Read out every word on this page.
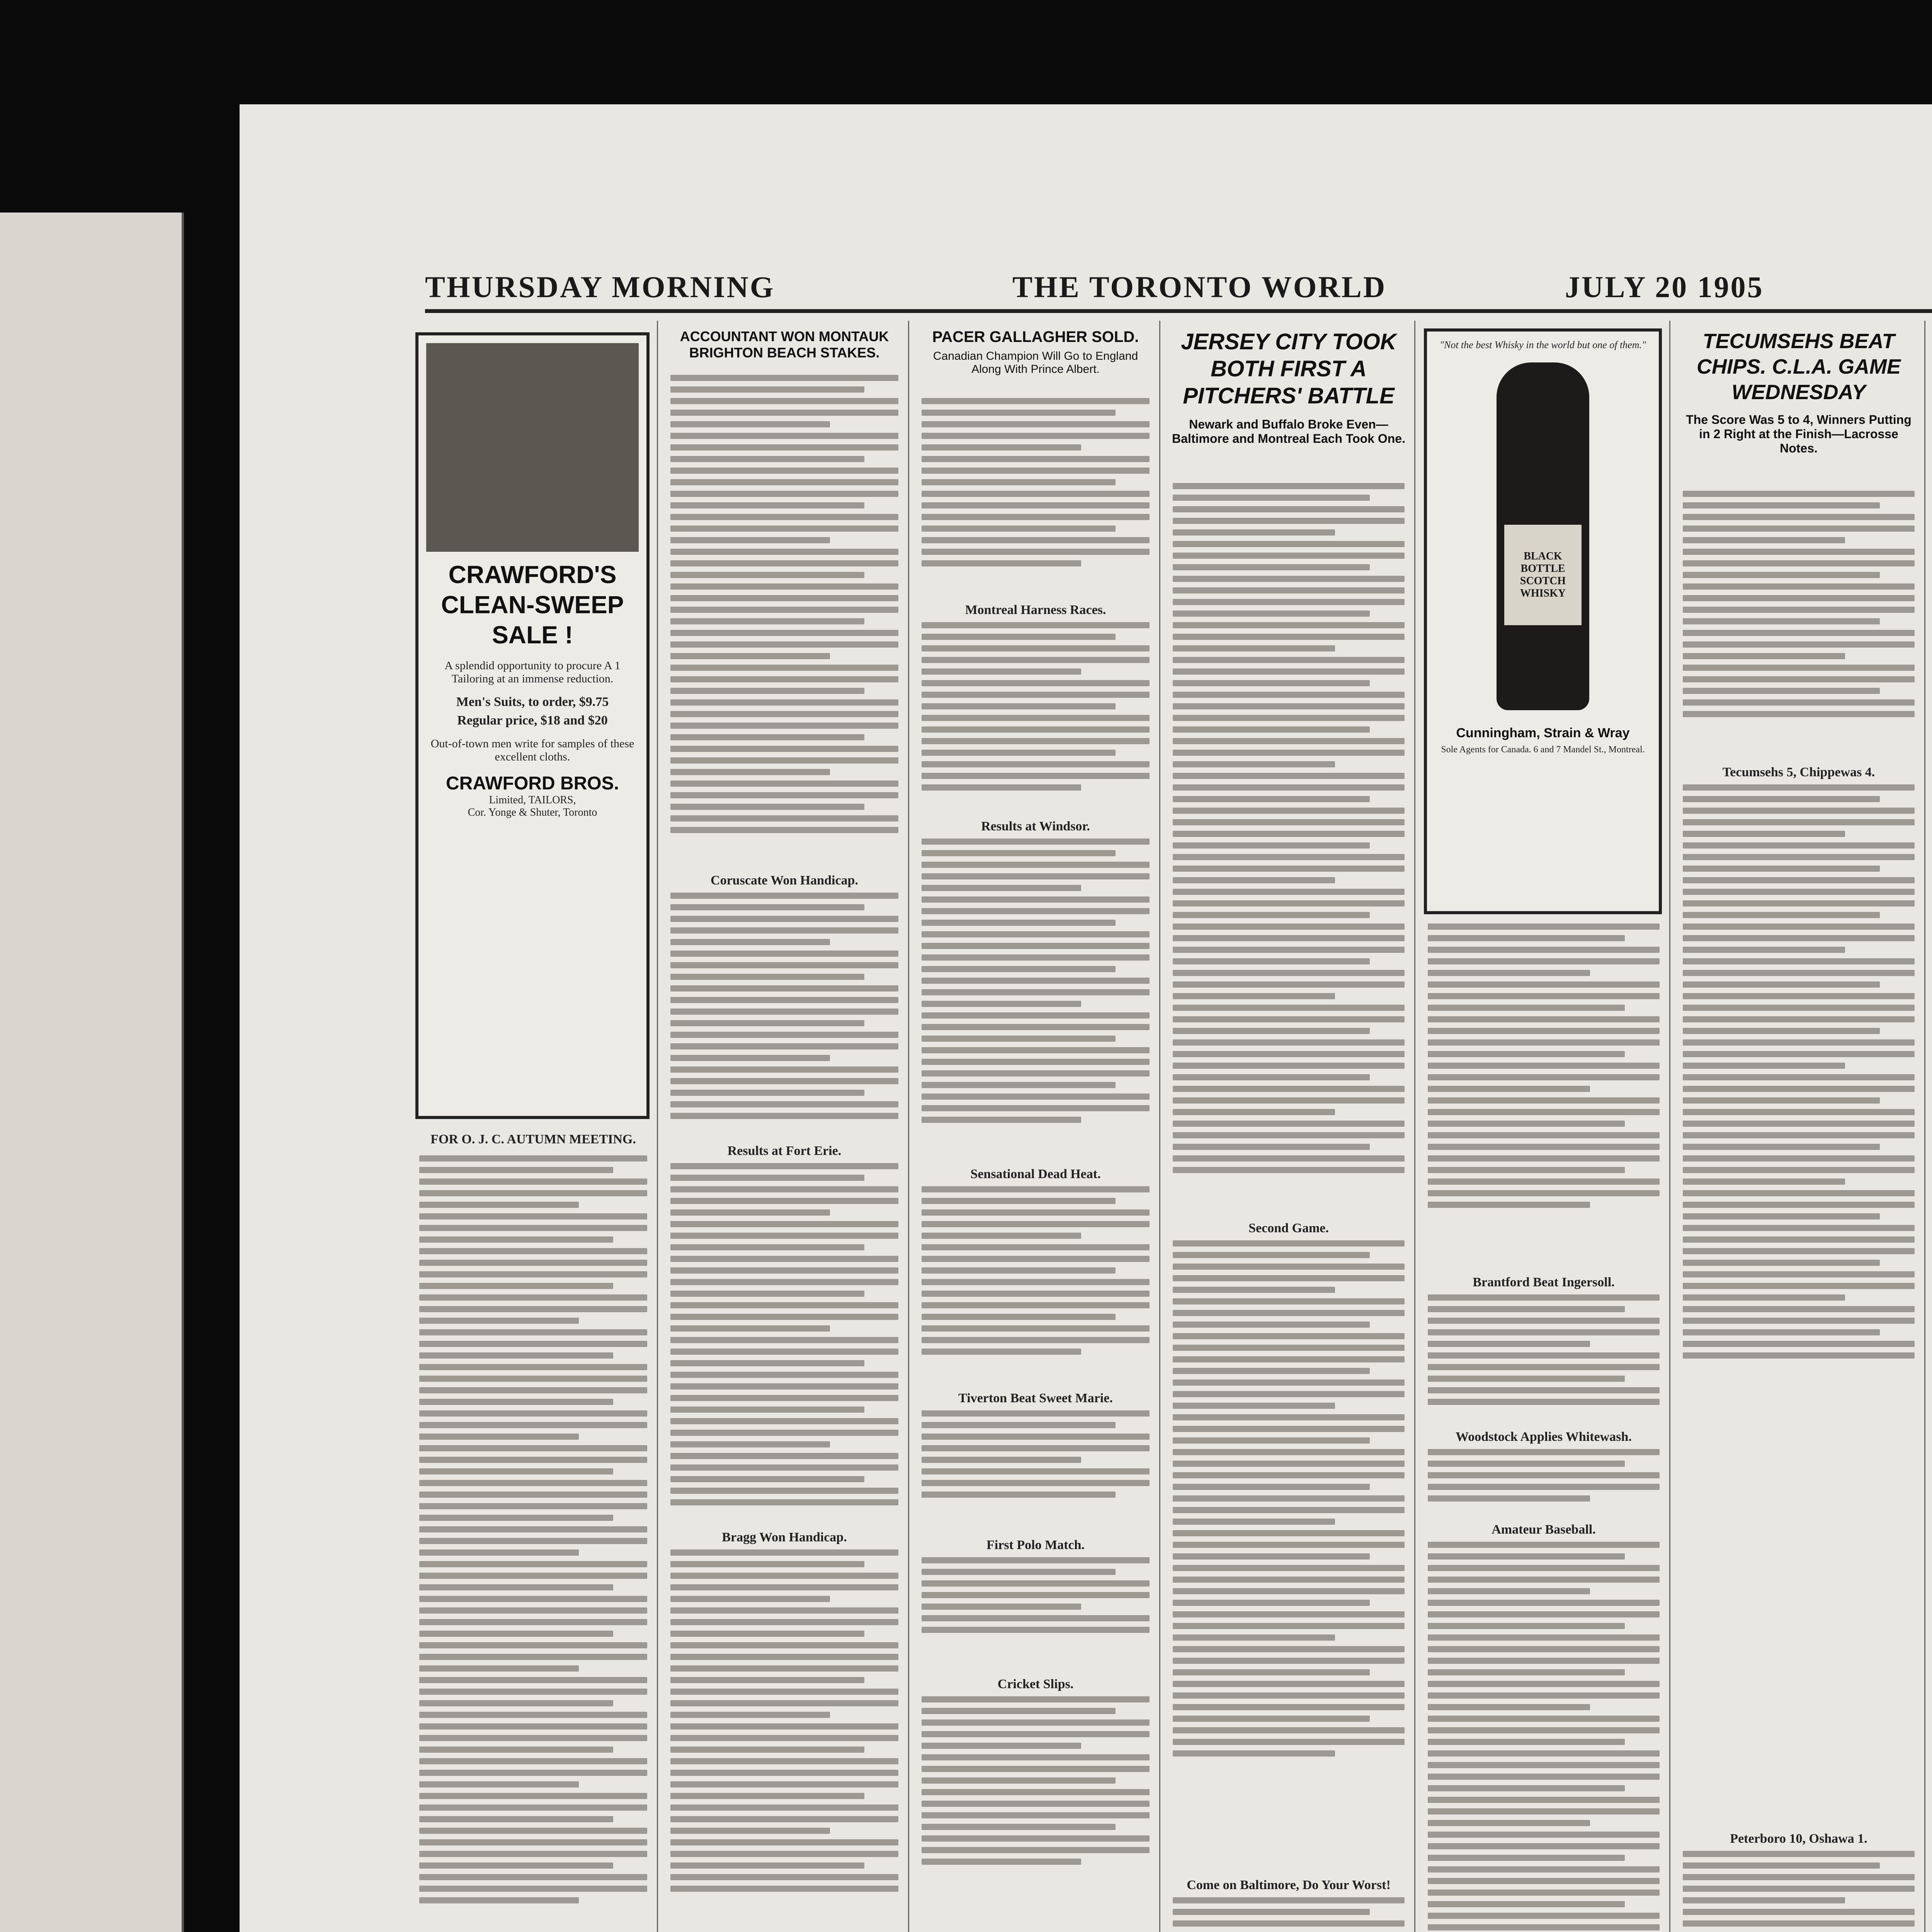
THURSDAY MORNING	THE TORONTO WORLD	JULY 20 1905
CRAWFORD'S CLEAN-SWEEP SALE !
A splendid opportunity to procure A 1 Tailoring at an immense reduction.
Men's Suits, to order, $9.75
Regular price, $18 and $20
Out-of-town men write for samples of these excellent cloths.
CRAWFORD BROS.
Limited, TAILORS,
Cor. Yonge & Shuter, Toronto
FOR O. J. C. AUTUMN MEETING.
ACCOUNTANT WON MONTAUK BRIGHTON BEACH STAKES.
Coruscate Won Handicap.
Results at Fort Erie.
Bragg Won Handicap.
PACER GALLAGHER SOLD.
Canadian Champion Will Go to England Along With Prince Albert.
Montreal Harness Races.
Results at Windsor.
Sensational Dead Heat.
Tiverton Beat Sweet Marie.
First Polo Match.
Cricket Slips.
JERSEY CITY TOOK BOTH FIRST A PITCHERS' BATTLE
Newark and Buffalo Broke Even—Baltimore and Montreal Each Took One.
Second Game.
Come on Baltimore, Do Your Worst!
"Not the best Whisky in the world but one of them."
BLACK BOTTLE SCOTCH WHISKY
Cunningham, Strain & Wray
Sole Agents for Canada. 6 and 7 Mandel St., Montreal.
Brantford Beat Ingersoll.
Woodstock Applies Whitewash.
Amateur Baseball.
TECUMSEHS BEAT CHIPS. C.L.A. GAME WEDNESDAY
The Score Was 5 to 4, Winners Putting in 2 Right at the Finish—Lacrosse Notes.
Tecumsehs 5, Chippewas 4.
Peterboro 10, Oshawa 1.
